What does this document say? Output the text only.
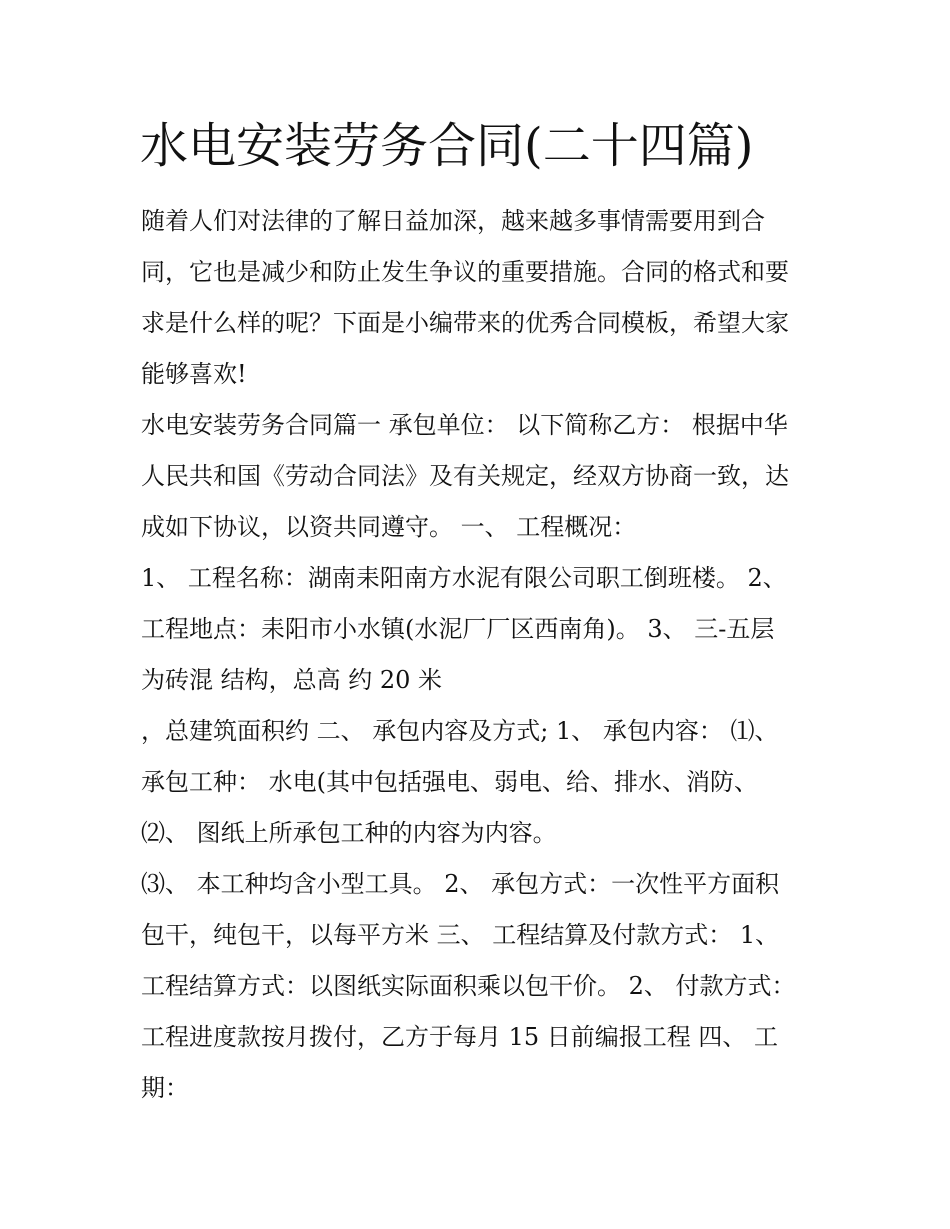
水电安装劳务合同(二十四篇)
随着人们对法律的了解日益加深，越来越多事情需要用到合
同，它也是减少和防止发生争议的重要措施。合同的格式和要
求是什么样的呢？下面是小编带来的优秀合同模板，希望大家
能够喜欢!
水电安装劳务合同篇一 承包单位： 以下简称乙方： 根据中华
人民共和国《劳动合同法》及有关规定，经双方协商一致，达
成如下协议，以资共同遵守。 一、 工程概况：
1、 工程名称：湖南耒阳南方水泥有限公司职工倒班楼。 2、
工程地点：耒阳市小水镇(水泥厂厂区西南角)。 3、 三-五层
为砖混 结构，总高 约 20 米
，总建筑面积约 二、 承包内容及方式; 1、 承包内容： ⑴、
承包工种： 水电(其中包括强电、弱电、给、排水、消防、
⑵、 图纸上所承包工种的内容为内容。
⑶、 本工种均含小型工具。 2、 承包方式：一次性平方面积
包干，纯包干，以每平方米 三、 工程结算及付款方式： 1、
工程结算方式：以图纸实际面积乘以包干价。 2、 付款方式：
工程进度款按月拨付，乙方于每月 15 日前编报工程 四、 工
期：
